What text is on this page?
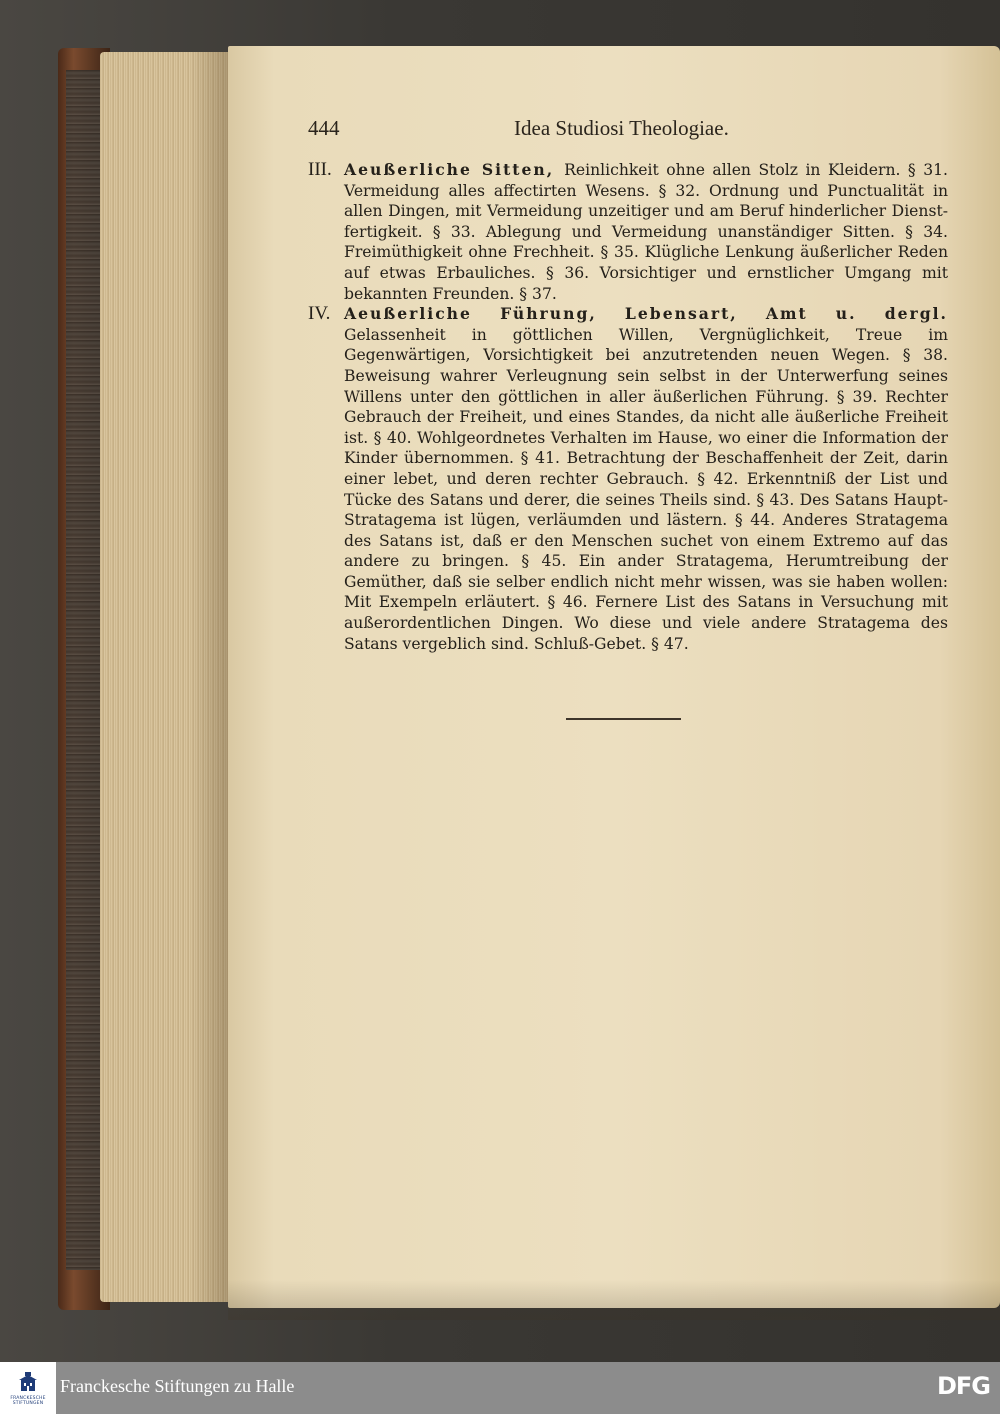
444	Idea Studiosi Theologiae.
III. Aeußerliche Sitten, Reinlichkeit ohne allen Stolz in Kleidern. § 31. Vermeidung alles affectirten Wesens. § 32. Ordnung und Punctualität in allen Dingen, mit Vermeidung unzeitiger und am Beruf hinderlicher Dienst-fertigkeit. § 33. Ablegung und Vermeidung unanständiger Sitten. § 34. Freimüthigkeit ohne Frechheit. § 35. Klügliche Lenkung äußerlicher Reden auf etwas Erbauliches. § 36. Vorsichtiger und ernstlicher Umgang mit bekannten Freunden. § 37.
IV. Aeußerliche Führung, Lebensart, Amt u. dergl. Gelassenheit in göttlichen Willen, Vergnüglichkeit, Treue im Gegenwärtigen, Vorsichtigkeit bei anzutretenden neuen Wegen. § 38. Beweisung wahrer Verleugnung sein selbst in der Unterwerfung seines Willens unter den göttlichen in aller äußerlichen Führung. § 39. Rechter Gebrauch der Freiheit, und eines Standes, da nicht alle äußerliche Freiheit ist. § 40. Wohlgeordnetes Verhalten im Hause, wo einer die Information der Kinder übernommen. § 41. Betrachtung der Beschaffenheit der Zeit, darin einer lebet, und deren rechter Gebrauch. § 42. Erkenntniß der List und Tücke des Satans und derer, die seines Theils sind. § 43. Des Satans Haupt-Stratagema ist lügen, verläumden und lästern. § 44. Anderes Stratagema des Satans ist, daß er den Menschen suchet von einem Extremo auf das andere zu bringen. § 45. Ein ander Stratagema, Herumtreibung der Gemüther, daß sie selber endlich nicht mehr wissen, was sie haben wollen: Mit Exempeln erläutert. § 46. Fernere List des Satans in Versuchung mit außerordentlichen Dingen. Wo diese und viele andere Stratagema des Satans vergeblich sind. Schluß-Gebet. § 47.
FRANCKESCHE STIFTUNGEN
Franckesche Stiftungen zu Halle	DFG
